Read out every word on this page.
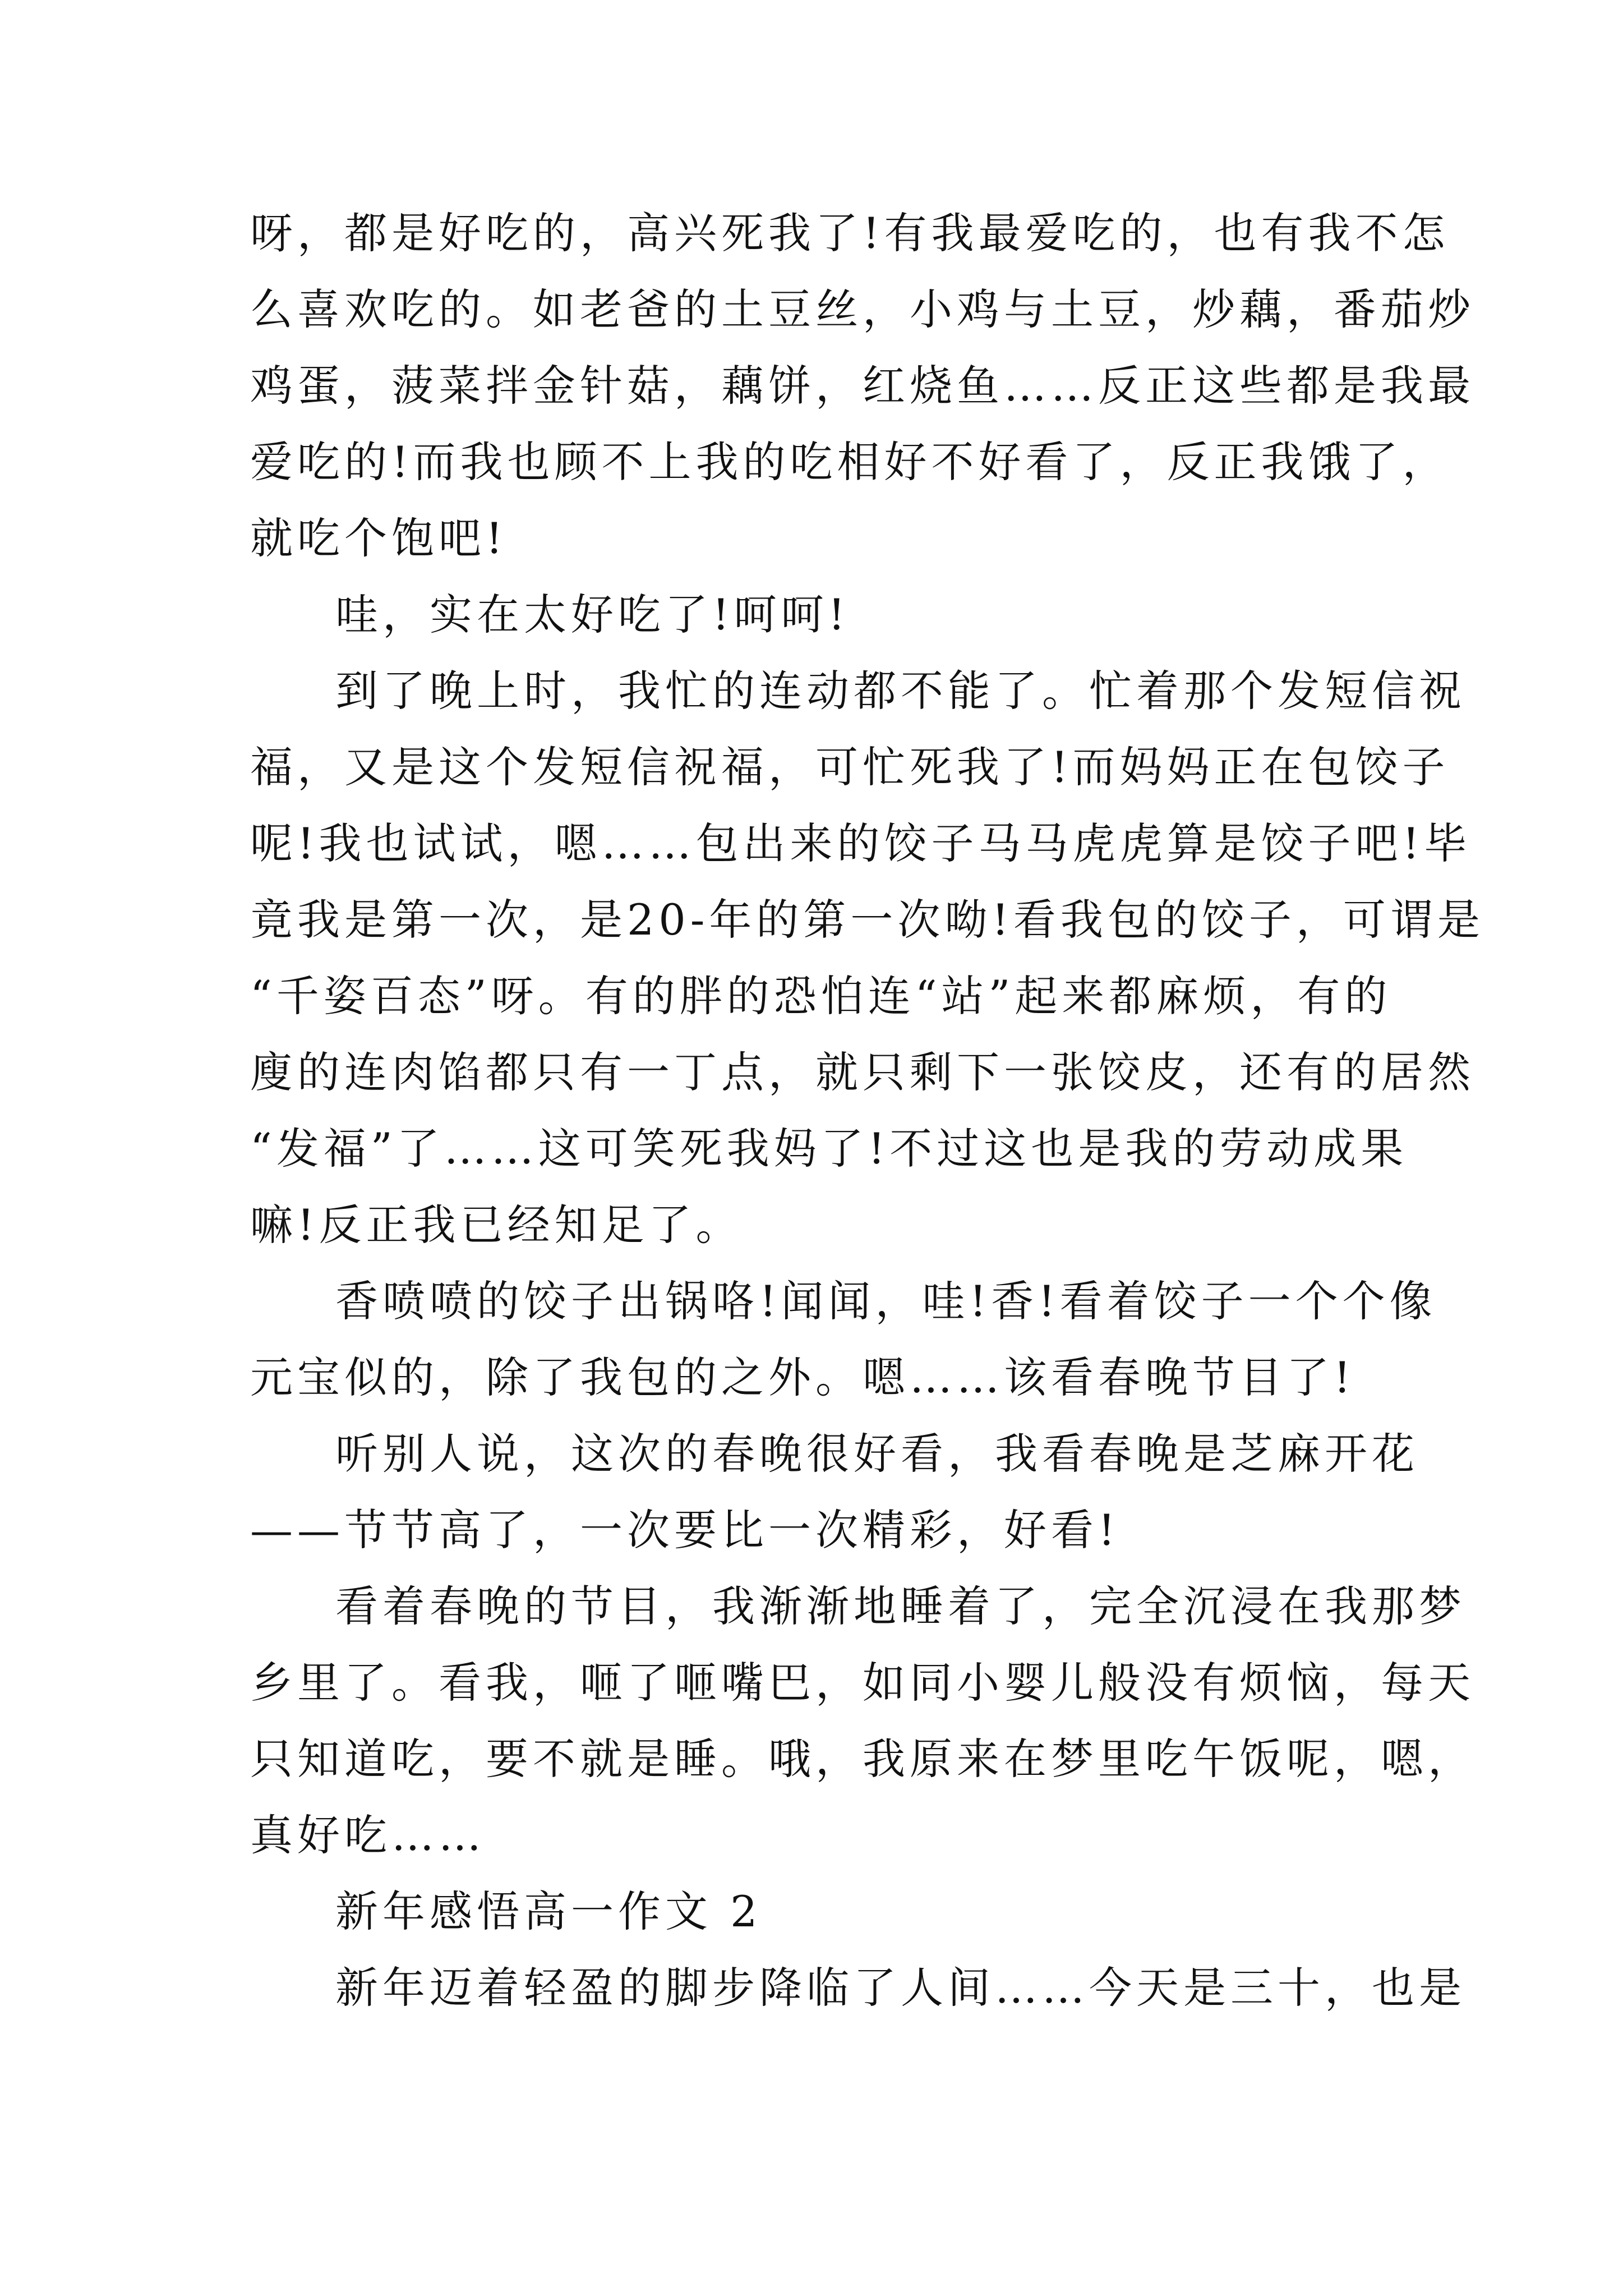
呀，都是好吃的，高兴死我了!有我最爱吃的，也有我不怎
么喜欢吃的。如老爸的土豆丝，小鸡与土豆，炒藕，番茄炒
鸡蛋，菠菜拌金针菇，藕饼，红烧鱼……反正这些都是我最
爱吃的!而我也顾不上我的吃相好不好看了，反正我饿了，
就吃个饱吧!
哇，实在太好吃了!呵呵!
到了晚上时，我忙的连动都不能了。忙着那个发短信祝
福，又是这个发短信祝福，可忙死我了!而妈妈正在包饺子
呢!我也试试，嗯……包出来的饺子马马虎虎算是饺子吧!毕
竟我是第一次，是20-年的第一次呦!看我包的饺子，可谓是
“千姿百态”呀。有的胖的恐怕连“站”起来都麻烦，有的
廋的连肉馅都只有一丁点，就只剩下一张饺皮，还有的居然
“发福”了……这可笑死我妈了!不过这也是我的劳动成果
嘛!反正我已经知足了。
香喷喷的饺子出锅咯!闻闻，哇!香!看着饺子一个个像
元宝似的，除了我包的之外。嗯……该看春晚节目了!
听别人说，这次的春晚很好看，我看春晚是芝麻开花
——节节高了，一次要比一次精彩，好看!
看着春晚的节目，我渐渐地睡着了，完全沉浸在我那梦
乡里了。看我，咂了咂嘴巴，如同小婴儿般没有烦恼，每天
只知道吃，要不就是睡。哦，我原来在梦里吃午饭呢，嗯，
真好吃……
新年感悟高一作文 2
新年迈着轻盈的脚步降临了人间……今天是三十，也是
